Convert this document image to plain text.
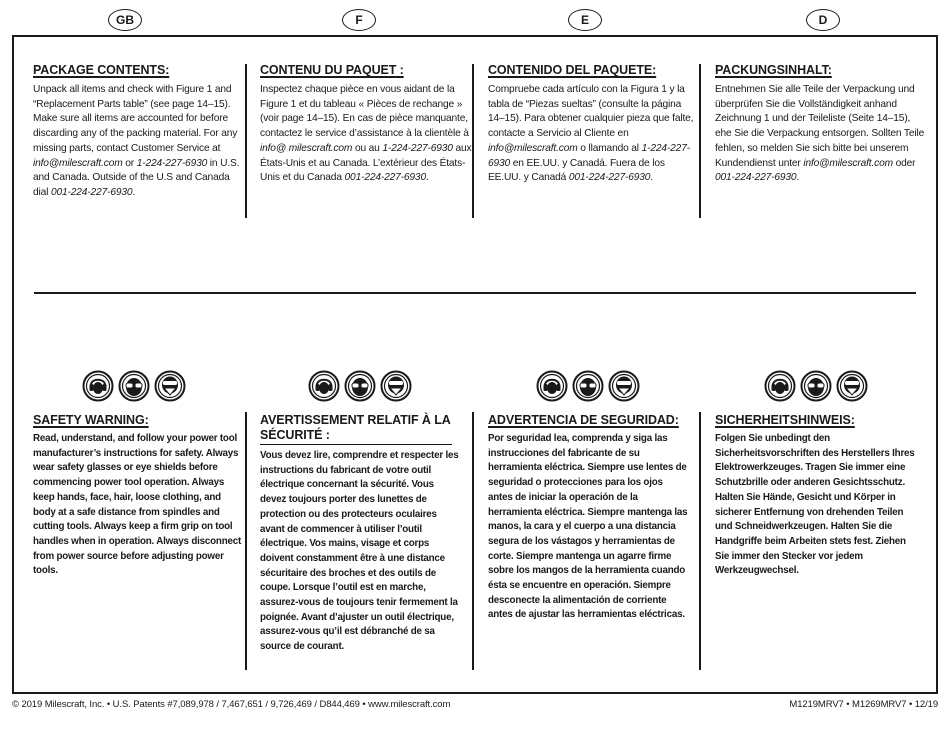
GB	F	E	D
PACKAGE CONTENTS:
Unpack all items and check with Figure 1 and “Replacement Parts table” (see page 14–15). Make sure all items are accounted for before discarding any of the packing material. For any missing parts, contact Customer Service at info@milescraft.com or 1-224-227-6930 in U.S. and Canada. Outside of the U.S and Canada dial 001-224-227-6930.
CONTENU DU PAQUET :
Inspectez chaque pièce en vous aidant de la Figure 1 et du tableau « Pièces de rechange » (voir page 14–15). En cas de pièce manquante, contactez le service d’assistance à la clientèle à info@ milescraft.com ou au 1-224-227-6930 aux États-Unis et au Canada. L’extérieur des États-Unis et du Canada 001-224-227-6930.
CONTENIDO DEL PAQUETE:
Compruebe cada artículo con la Figura 1 y la tabla de “Piezas sueltas” (consulte la página 14–15). Para obtener cualquier pieza que falte, contacte a Servicio al Cliente en info@milescraft.com o llamando al 1-224-227-6930 en EE.UU. y Canadá. Fuera de los EE.UU. y Canadá 001-224-227-6930.
PACKUNGSINHALT:
Entnehmen Sie alle Teile der Verpackung und überprüfen Sie die Vollständigkeit anhand Zeichnung 1 und der Teileliste (Seite 14–15), ehe Sie die Verpackung entsorgen. Sollten Teile fehlen, so melden Sie sich bitte bei unserem Kundendienst unter info@milescraft.com oder 001-224-227-6930.
SAFETY WARNING:
Read, understand, and follow your power tool manufacturer’s instructions for safety. Always wear safety glasses or eye shields before commencing power tool operation. Always keep hands, face, hair, loose clothing, and body at a safe distance from spindles and cutting tools. Always keep a firm grip on tool handles when in operation. Always disconnect from power source before adjusting power tools.
AVERTISSEMENT RELATIF À LA SÉCURITÉ :
Vous devez lire, comprendre et respecter les instructions du fabricant de votre outil électrique concernant la sécurité. Vous devez toujours porter des lunettes de protection ou des protecteurs oculaires avant de commencer à utiliser l’outil électrique. Vos mains, visage et corps doivent constamment être à une distance sécuritaire des broches et des outils de coupe. Lorsque l’outil est en marche, assurez-vous de toujours tenir fermement la poignée. Avant d’ajuster un outil électrique, assurez-vous qu’il est débranché de sa source de courant.
ADVERTENCIA DE SEGURIDAD:
Por seguridad lea, comprenda y siga las instrucciones del fabricante de su herramienta eléctrica. Siempre use lentes de seguridad o protecciones para los ojos antes de iniciar la operación de la herramienta eléctrica. Siempre mantenga las manos, la cara y el cuerpo a una distancia segura de los vástagos y herramientas de corte. Siempre mantenga un agarre firme sobre los mangos de la herramienta cuando ésta se encuentre en operación. Siempre desconecte la alimentación de corriente antes de ajustar las herramientas eléctricas.
SICHERHEITSHINWEIS:
Folgen Sie unbedingt den Sicherheitsvorschriften des Herstellers Ihres Elektrowerkzeuges. Tragen Sie immer eine Schutzbrille oder anderen Gesichtsschutz. Halten Sie Hände, Gesicht und Körper in sicherer Entfernung von drehenden Teilen und Schneidwerkzeugen. Halten Sie die Handgriffe beim Arbeiten stets fest. Ziehen Sie immer den Stecker vor jedem Werkzeugwechsel.
© 2019 Milescraft, Inc. • U.S. Patents #7,089,978 / 7,467,651 / 9,726,469 / D844,469 • www.milescraft.com	M1219MRV7 • M1269MRV7 • 12/19
